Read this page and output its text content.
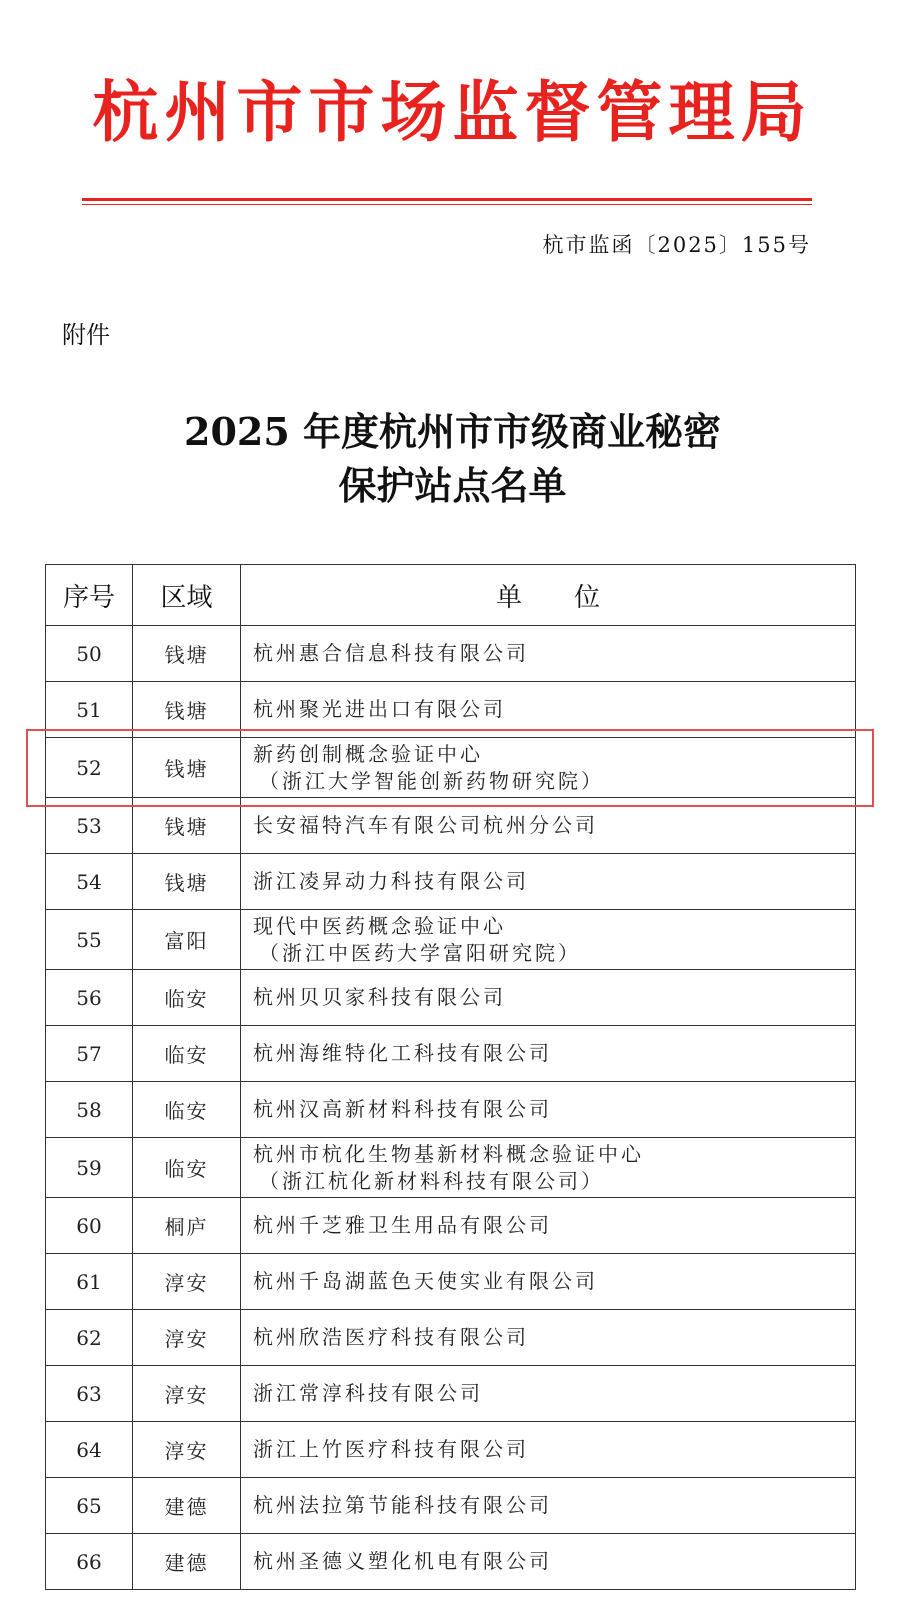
杭州市市场监督管理局
杭市监函〔2025〕155号
附件
2025 年度杭州市市级商业秘密
保护站点名单
序号	区域	单　　位
50	钱塘	杭州惠合信息科技有限公司
51	钱塘	杭州聚光进出口有限公司
52	钱塘	新药创制概念验证中心
（浙江大学智能创新药物研究院）

53	钱塘	长安福特汽车有限公司杭州分公司
54	钱塘	浙江凌昇动力科技有限公司
55	富阳	现代中医药概念验证中心
（浙江中医药大学富阳研究院）

56	临安	杭州贝贝家科技有限公司
57	临安	杭州海维特化工科技有限公司
58	临安	杭州汉高新材料科技有限公司
59	临安	杭州市杭化生物基新材料概念验证中心
（浙江杭化新材料科技有限公司）

60	桐庐	杭州千芝雅卫生用品有限公司
61	淳安	杭州千岛湖蓝色天使实业有限公司
62	淳安	杭州欣浩医疗科技有限公司
63	淳安	浙江常淳科技有限公司
64	淳安	浙江上竹医疗科技有限公司
65	建德	杭州法拉第节能科技有限公司
66	建德	杭州圣德义塑化机电有限公司
